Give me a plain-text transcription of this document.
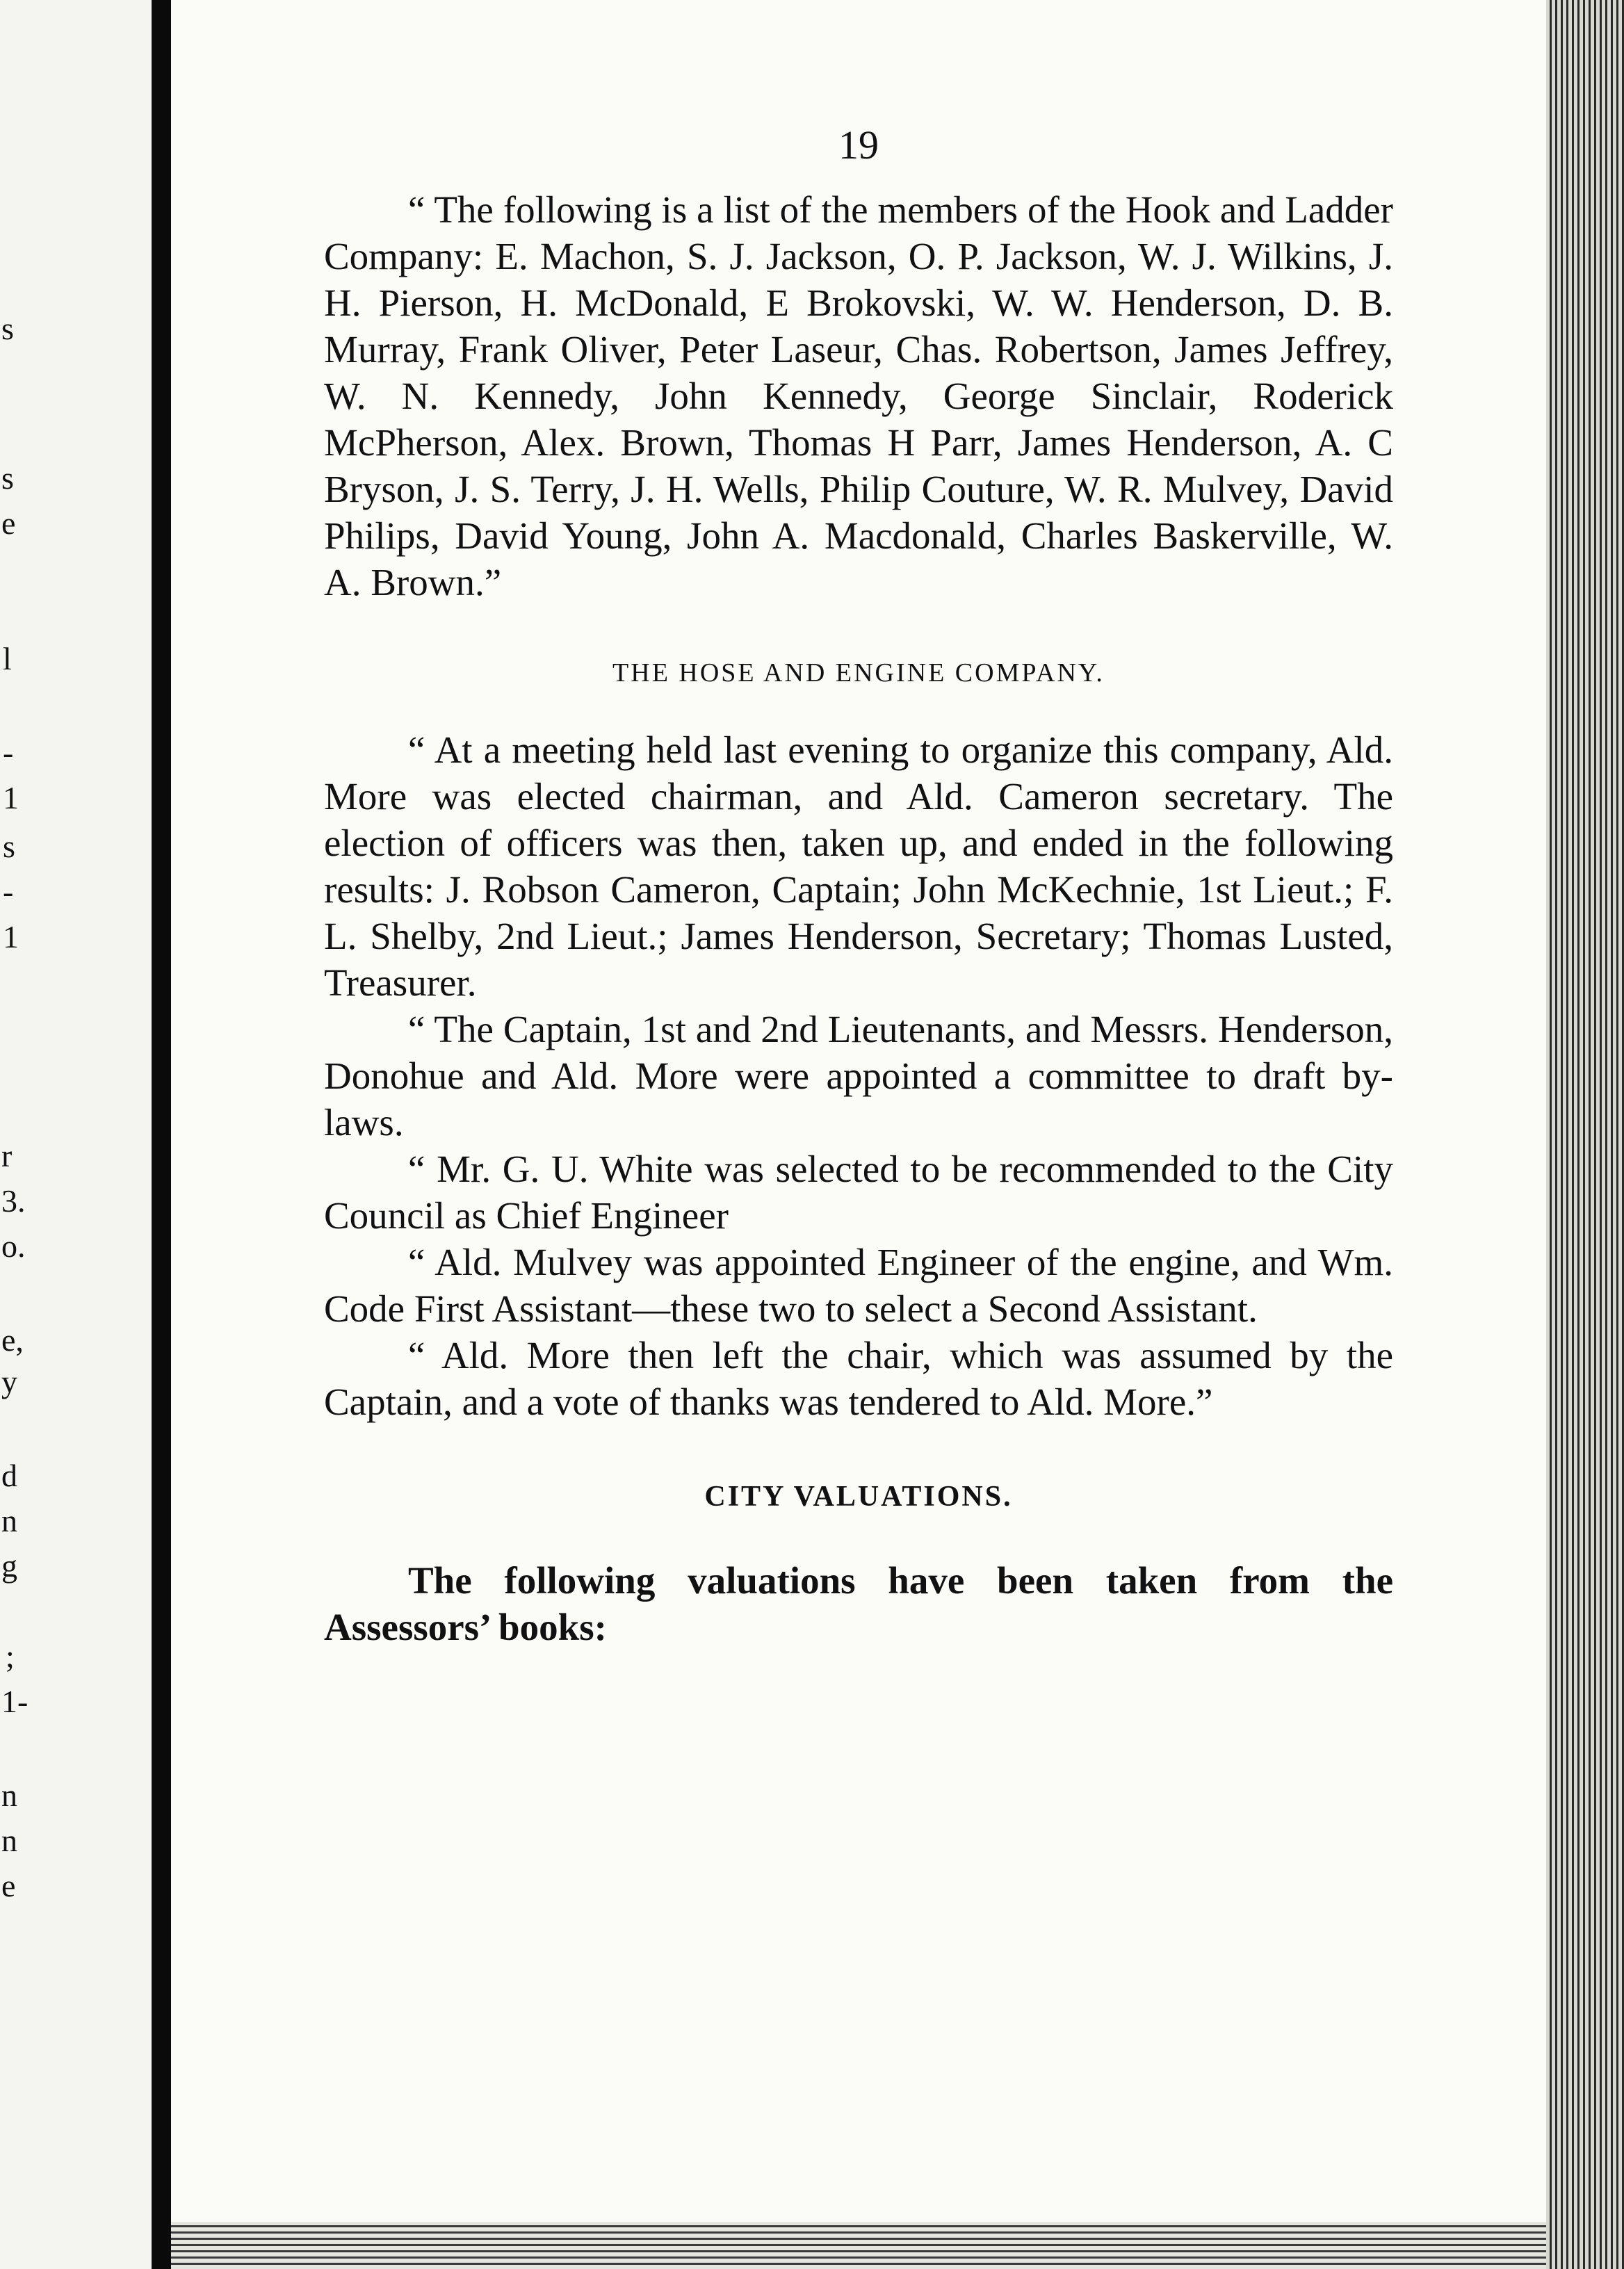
s
s
e
l
-
1
s
-
1
r
3.
o.
e,
y
d
n
g
;
1-
n
n
e
19

“ The following is a list of the members of the Hook and Ladder Company: E. Machon, S. J. Jackson, O. P. Jackson, W. J. Wilkins, J. H. Pierson, H. McDonald, E Brokovski, W. W. Henderson, D. B. Murray, Frank Oliver, Peter Laseur, Chas. Robertson, James Jeffrey, W. N. Kennedy, John Kennedy, George Sinclair, Roderick McPherson, Alex. Brown, Thomas H Parr, James Henderson, A. C Bryson, J. S. Terry, J. H. Wells, Philip Couture, W. R. Mulvey, David Philips, David Young, John A. Macdonald, Charles Baskerville, W. A. Brown.”

THE HOSE AND ENGINE COMPANY.

“ At a meeting held last evening to organize this company, Ald. More was elected chairman, and Ald. Cameron secretary. The election of officers was then, taken up, and ended in the following results: J. Robson Cameron, Captain; John McKechnie, 1st Lieut.; F. L. Shelby, 2nd Lieut.; James Henderson, Secretary; Thomas Lusted, Treasurer.

“ The Captain, 1st and 2nd Lieutenants, and Messrs. Henderson, Donohue and Ald. More were appointed a committee to draft by-laws.

“ Mr. G. U. White was selected to be recommended to the City Council as Chief Engineer

“ Ald. Mulvey was appointed Engineer of the engine, and Wm. Code First Assistant—these two to select a Second Assistant.

“ Ald. More then left the chair, which was assumed by the Captain, and a vote of thanks was tendered to Ald. More.”

CITY VALUATIONS.

The following valuations have been taken from the Assessors’ books:
